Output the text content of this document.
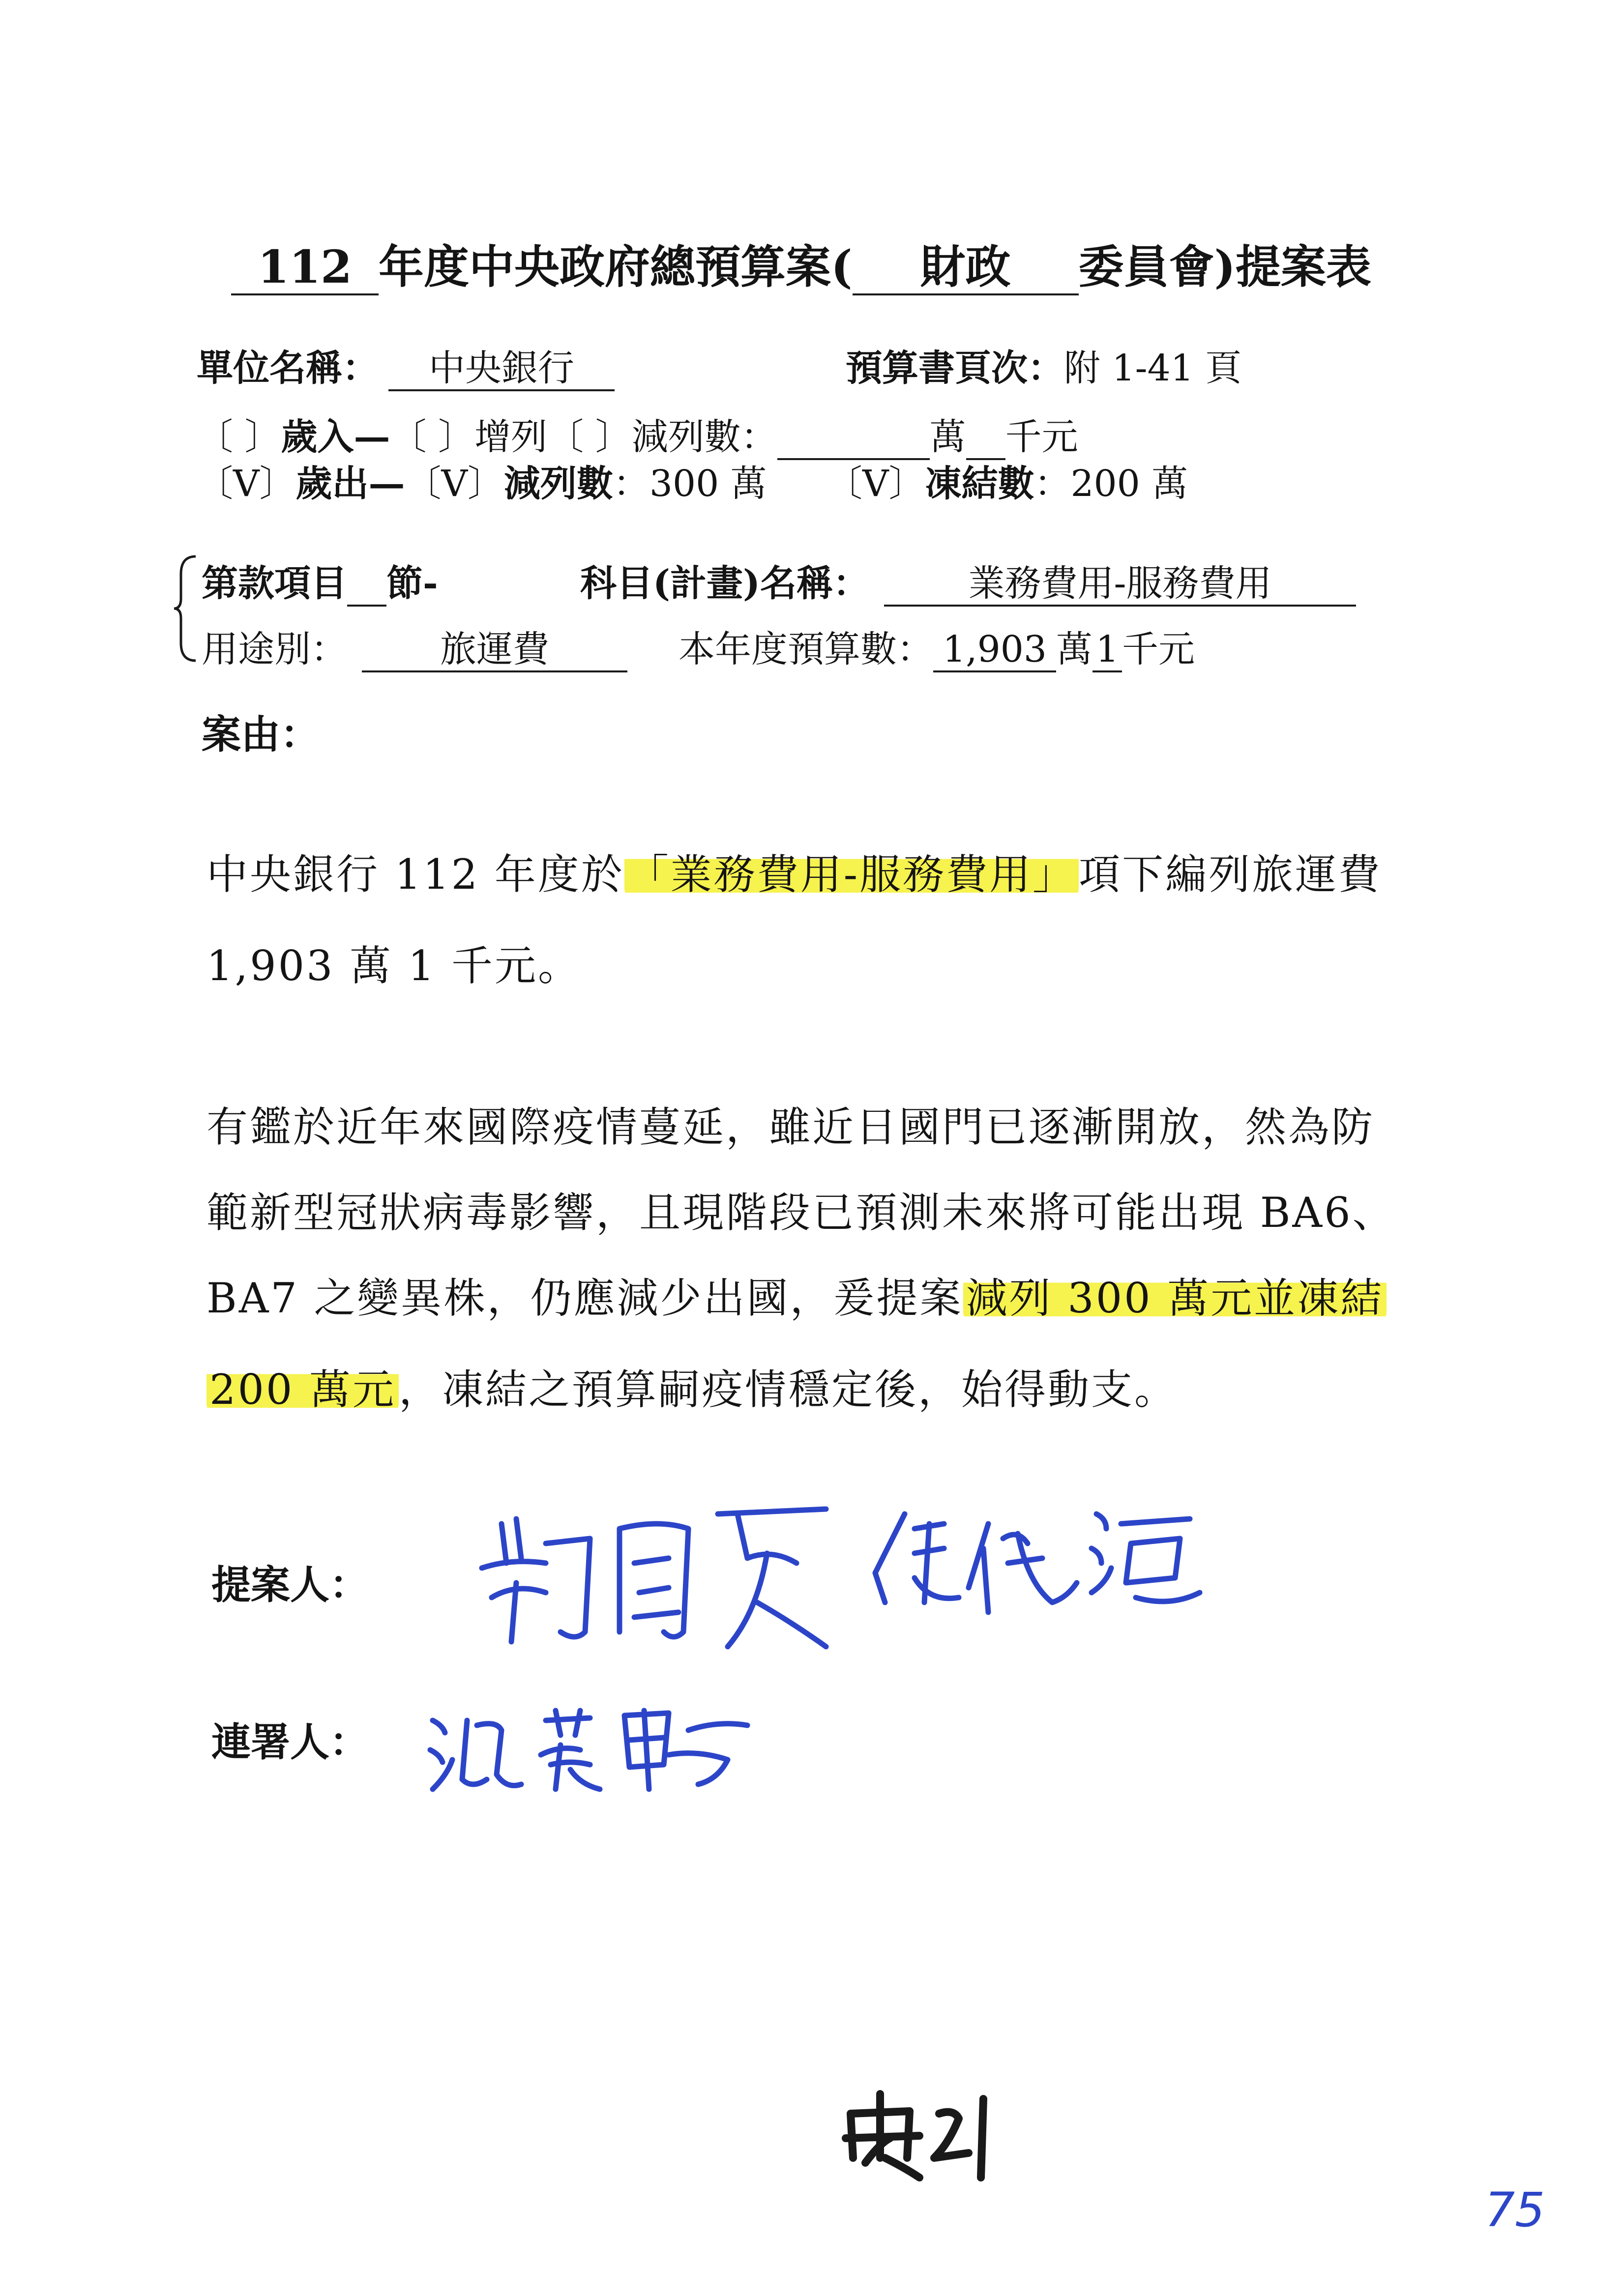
112 年度中央政府總預算案( 財政 委員會)提案表
單位名稱： 中央銀行	預算書頁次：附 1-41 頁
〔 〕歲入—〔 〕增列〔 〕減列數：	萬 千元
〔V〕歲出—〔V〕減列數：300 萬 〔V〕凍結數：200 萬
第款項目 節-	科目(計畫)名稱：	業務費用-服務費用
用途別：	旅運費	本年度預算數： 1,903 萬1千元
案由：
中央銀行 112 年度於「業務費用-服務費用」項下編列旅運費
1,903 萬 1 千元。
有鑑於近年來國際疫情蔓延，雖近日國門已逐漸開放，然為防
範新型冠狀病毒影響，且現階段已預測未來將可能出現 BA6、
BA7 之變異株，仍應減少出國，爰提案減列 300 萬元並凍結
200 萬元，凍結之預算嗣疫情穩定後，始得動支。
提案人：
連署人：
75
